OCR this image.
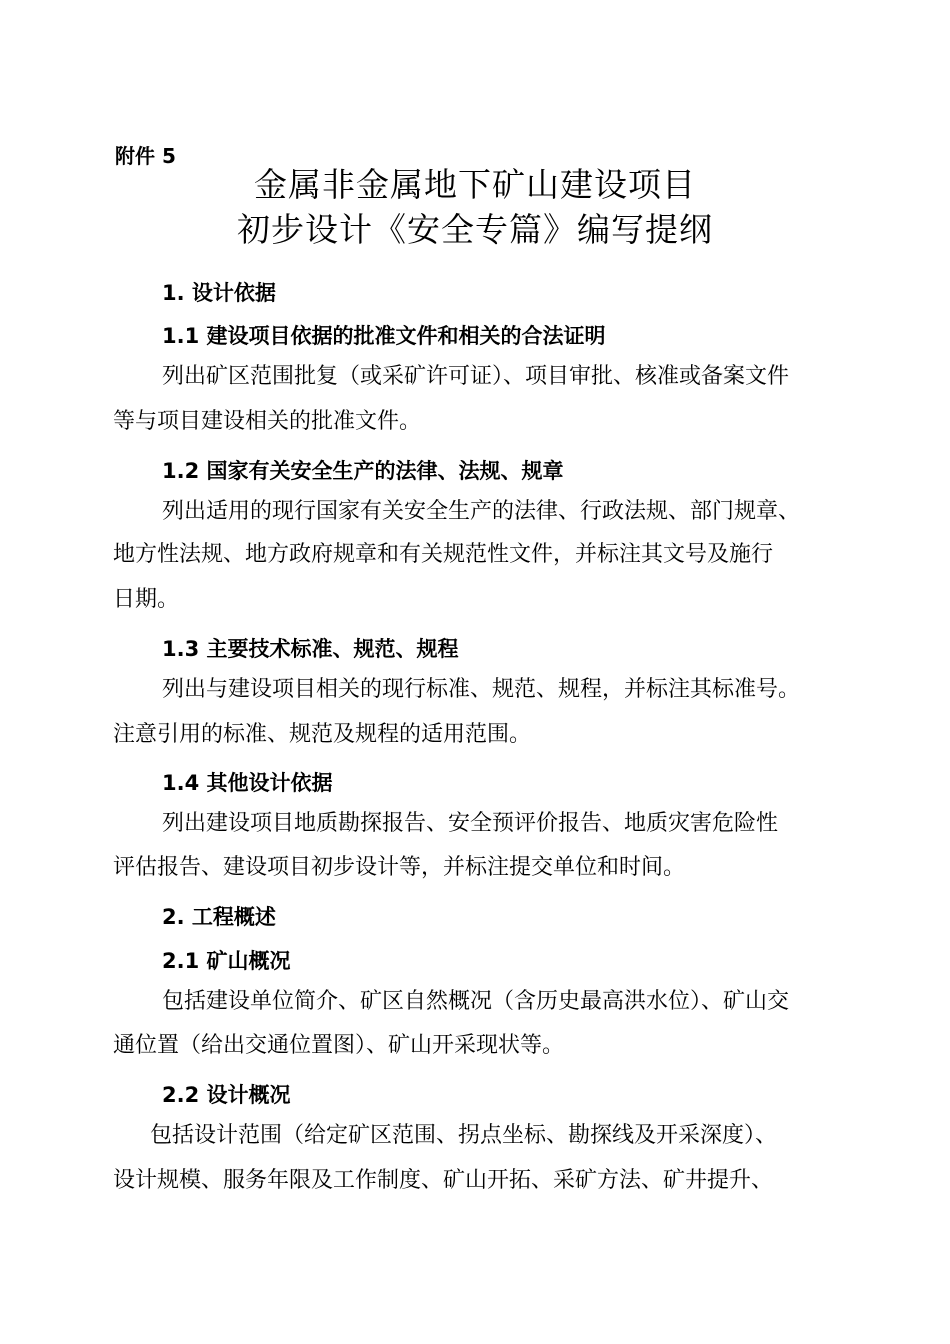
附件 5
金属非金属地下矿山建设项目
初步设计《安全专篇》编写提纲
1. 设计依据
1.1 建设项目依据的批准文件和相关的合法证明
列出矿区范围批复（或采矿许可证）、项目审批、核准或备案文件
等与项目建设相关的批准文件。
1.2 国家有关安全生产的法律、法规、规章
列出适用的现行国家有关安全生产的法律、行政法规、部门规章、
地方性法规、地方政府规章和有关规范性文件，并标注其文号及施行
日期。
1.3 主要技术标准、规范、规程
列出与建设项目相关的现行标准、规范、规程，并标注其标准号。
注意引用的标准、规范及规程的适用范围。
1.4 其他设计依据
列出建设项目地质勘探报告、安全预评价报告、地质灾害危险性
评估报告、建设项目初步设计等，并标注提交单位和时间。
2. 工程概述
2.1 矿山概况
包括建设单位简介、矿区自然概况（含历史最高洪水位）、矿山交
通位置（给出交通位置图）、矿山开采现状等。
2.2 设计概况
包括设计范围（给定矿区范围、拐点坐标、勘探线及开采深度）、
设计规模、服务年限及工作制度、矿山开拓、采矿方法、矿井提升、
